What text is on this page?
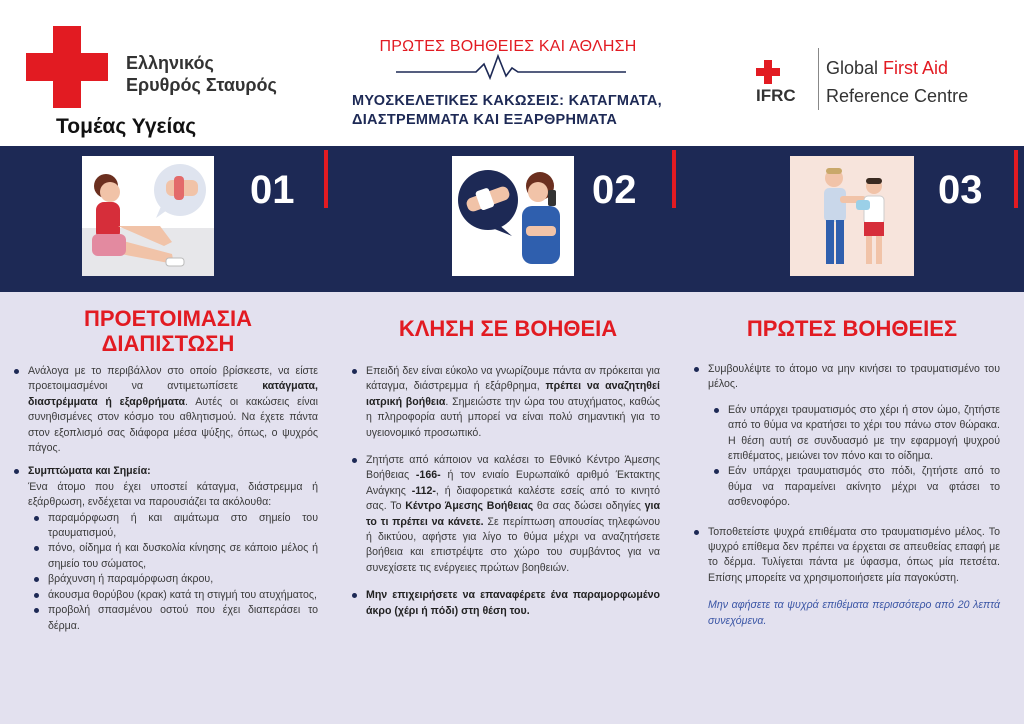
Ελληνικός
Ερυθρός Σταυρός
Τομέας Υγείας
01
ΠΡΟΕΤΟΙΜΑΣΙΑ
ΔΙΑΠΙΣΤΩΣΗ

Ανάλογα με το περιβάλλον στο οποίο βρίσκεστε, να είστε προετοιμασμένοι να αντιμετωπίσετε κατάγματα, διαστρέμματα ή εξαρθρήματα. Αυτές οι κακώσεις είναι συνηθισμένες στον κόσμο του αθλητισμού. Να έχετε πάντα στον εξοπλισμό σας διάφορα μέσα ψύξης, όπως, ο ψυχρός πάγος.

Συμπτώματα και Σημεία:

Ένα άτομο που έχει υποστεί κάταγμα, διάστρεμμα ή εξάρθρωση, ενδέχεται να παρουσιάζει τα ακόλουθα:

παραμόρφωση ή και αιμάτωμα στο σημείο του τραυματισμού,

πόνο, οίδημα ή και δυσκολία κίνησης σε κάποιο μέλος ή σημείο του σώματος,

βράχυνση ή παραμόρφωση άκρου,

άκουσμα θορύβου (κρακ) κατά τη στιγμή του ατυχήματος,

προβολή σπασμένου οστού που έχει διαπεράσει το δέρμα.

ΠΡΩΤΕΣ ΒΟΗΘΕΙΕΣ ΚΑΙ ΑΘΛΗΣΗ
ΜΥΟΣΚΕΛΕΤΙΚΕΣ ΚΑΚΩΣΕΙΣ: ΚΑΤΑΓΜΑΤΑ,
ΔΙΑΣΤΡΕΜΜΑΤΑ ΚΑΙ ΕΞΑΡΘΡΗΜΑΤΑ
02
ΚΛΗΣΗ ΣΕ ΒΟΗΘΕΙΑ

Επειδή δεν είναι εύκολο να γνωρίζουμε πάντα αν πρόκειται για κάταγμα, διάστρεμμα ή εξάρθρημα, πρέπει να αναζητηθεί ιατρική βοήθεια. Σημειώστε την ώρα του ατυχήματος, καθώς η πληροφορία αυτή μπορεί να είναι πολύ σημαντική για το υγειονομικό προσωπικό.

Ζητήστε από κάποιον να καλέσει το Εθνικό Κέντρο Άμεσης Βοήθειας -166- ή τον ενιαίο Ευρωπαϊκό αριθμό Έκτακτης Ανάγκης -112-, ή διαφορετικά καλέστε εσείς από το κινητό σας. Το Κέντρο Άμεσης Βοήθειας θα σας δώσει οδηγίες για το τι πρέπει να κάνετε. Σε περίπτωση απουσίας τηλεφώνου ή δικτύου, αφήστε για λίγο το θύμα μέχρι να αναζητήσετε βοήθεια και επιστρέψτε στο χώρο του συμβάντος για να συνεχίσετε τις ενέργειες πρώτων βοηθειών.

Μην επιχειρήσετε να επαναφέρετε ένα παραμορφωμένο άκρο (χέρι ή πόδι) στη θέση του.

IFRC
Global First Aid
Reference Centre
03
ΠΡΩΤΕΣ ΒΟΗΘΕΙΕΣ

Συμβουλέψτε το άτομο να μην κινήσει το τραυματισμένο του μέλος.

Εάν υπάρχει τραυματισμός στο χέρι ή στον ώμο, ζητήστε από το θύμα να κρατήσει το χέρι του πάνω στον θώρακα. Η θέση αυτή σε συνδυασμό με την εφαρμογή ψυχρού επιθέματος, μειώνει τον πόνο και το οίδημα.

Εάν υπάρχει τραυματισμός στο πόδι, ζητήστε από το θύμα να παραμείνει ακίνητο μέχρι να φτάσει το ασθενοφόρο.

Τοποθετείστε ψυχρά επιθέματα στο τραυματισμένο μέλος. Το ψυχρό επίθεμα δεν πρέπει να έρχεται σε απευθείας επαφή με το δέρμα. Τυλίγεται πάντα με ύφασμα, όπως μία πετσέτα. Επίσης μπορείτε να χρησιμοποιήσετε μία παγοκύστη.

Μην αφήσετε τα ψυχρά επιθέματα περισσότερο από 20 λεπτά συνεχόμενα.
